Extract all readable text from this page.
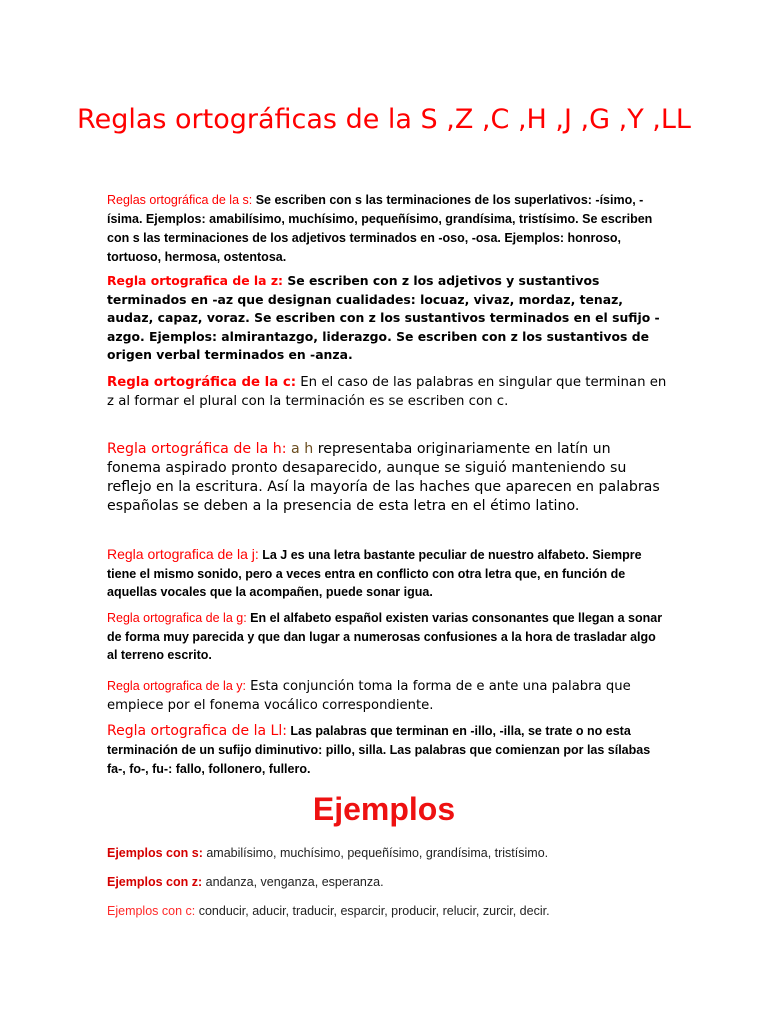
Reglas ortográficas de la S ,Z ,C ,H ,J ,G ,Y ,LL

Reglas ortográfica de la s: Se escriben con s las terminaciones de los superlativos: -ísimo, - ísima. Ejemplos: amabilísimo, muchísimo, pequeñísimo, grandísima, tristísimo. Se escriben con s las terminaciones de los adjetivos terminados en -oso, -osa. Ejemplos: honroso, tortuoso, hermosa, ostentosa.

Regla ortografica de la z: Se escriben con z los adjetivos y sustantivos terminados en -az que designan cualidades: locuaz, vivaz, mordaz, tenaz, audaz, capaz, voraz. Se escriben con z los sustantivos terminados en el sufijo -azgo. Ejemplos: almirantazgo, liderazgo. Se escriben con z los sustantivos de origen verbal terminados en -anza.

Regla ortográfica de la c: En el caso de las palabras en singular que terminan en z al formar el plural con la terminación es se escriben con c.

Regla ortográfica de la h: a h representaba originariamente en latín un fonema aspirado pronto desaparecido, aunque se siguió manteniendo su reflejo en la escritura. Así la mayoría de las haches que aparecen en palabras españolas se deben a la presencia de esta letra en el étimo latino.

Regla ortografica de la j: La J es una letra bastante peculiar de nuestro alfabeto. Siempre tiene el mismo sonido, pero a veces entra en conflicto con otra letra que, en función de aquellas vocales que la acompañen, puede sonar igua.

Regla ortografica de la g: En el alfabeto español existen varias consonantes que llegan a sonar de forma muy parecida y que dan lugar a numerosas confusiones a la hora de trasladar algo al terreno escrito.

Regla ortografica de la y: Esta conjunción toma la forma de e ante una palabra que empiece por el fonema vocálico correspondiente.

Regla ortografica de la Ll: Las palabras que terminan en -illo, -illa, se trate o no esta terminación de un sufijo diminutivo: pillo, silla. Las palabras que comienzan por las sílabas fa-, fo-, fu-: fallo, follonero, fullero.

Ejemplos

Ejemplos con s: amabilísimo, muchísimo, pequeñísimo, grandísima, tristísimo.

Ejemplos con z: andanza, venganza, esperanza.

Ejemplos con c: conducir, aducir, traducir, esparcir, producir, relucir, zurcir, decir.
